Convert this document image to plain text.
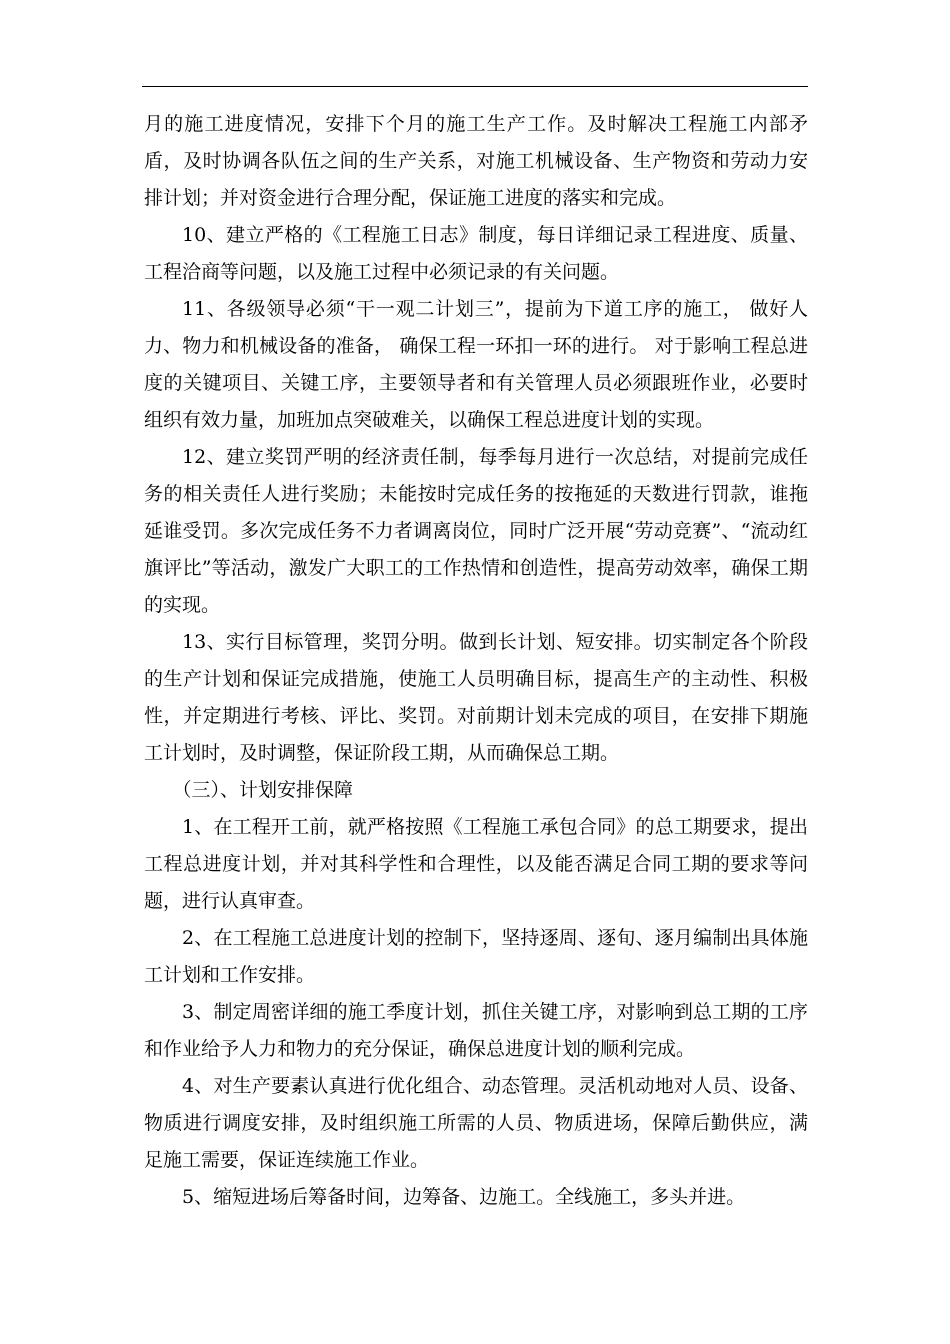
月的施工进度情况，安排下个月的施工生产工作。及时解决工程施工内部矛盾，及时协调各队伍之间的生产关系，对施工机械设备、生产物资和劳动力安排计划；并对资金进行合理分配，保证施工进度的落实和完成。

10、建立严格的《工程施工日志》制度，每日详细记录工程进度、质量、工程洽商等问题，以及施工过程中必须记录的有关问题。

11、各级领导必须“干一观二计划三”，提前为下道工序的施工， 做好人力、物力和机械设备的准备， 确保工程一环扣一环的进行。 对于影响工程总进度的关键项目、关键工序，主要领导者和有关管理人员必须跟班作业，必要时组织有效力量，加班加点突破难关，以确保工程总进度计划的实现。

12、建立奖罚严明的经济责任制，每季每月进行一次总结，对提前完成任务的相关责任人进行奖励；未能按时完成任务的按拖延的天数进行罚款，谁拖延谁受罚。多次完成任务不力者调离岗位，同时广泛开展“劳动竞赛”、“流动红旗评比”等活动，激发广大职工的工作热情和创造性，提高劳动效率，确保工期的实现。

13、实行目标管理，奖罚分明。做到长计划、短安排。切实制定各个阶段的生产计划和保证完成措施，使施工人员明确目标，提高生产的主动性、积极性，并定期进行考核、评比、奖罚。对前期计划未完成的项目，在安排下期施工计划时，及时调整，保证阶段工期，从而确保总工期。

（三）、计划安排保障

1、在工程开工前，就严格按照《工程施工承包合同》的总工期要求，提出工程总进度计划，并对其科学性和合理性，以及能否满足合同工期的要求等问题，进行认真审查。

2、在工程施工总进度计划的控制下，坚持逐周、逐旬、逐月编制出具体施工计划和工作安排。

3、制定周密详细的施工季度计划，抓住关键工序，对影响到总工期的工序和作业给予人力和物力的充分保证，确保总进度计划的顺利完成。

4、对生产要素认真进行优化组合、动态管理。灵活机动地对人员、设备、物质进行调度安排，及时组织施工所需的人员、物质进场，保障后勤供应，满足施工需要，保证连续施工作业。

5、缩短进场后筹备时间，边筹备、边施工。全线施工，多头并进。
